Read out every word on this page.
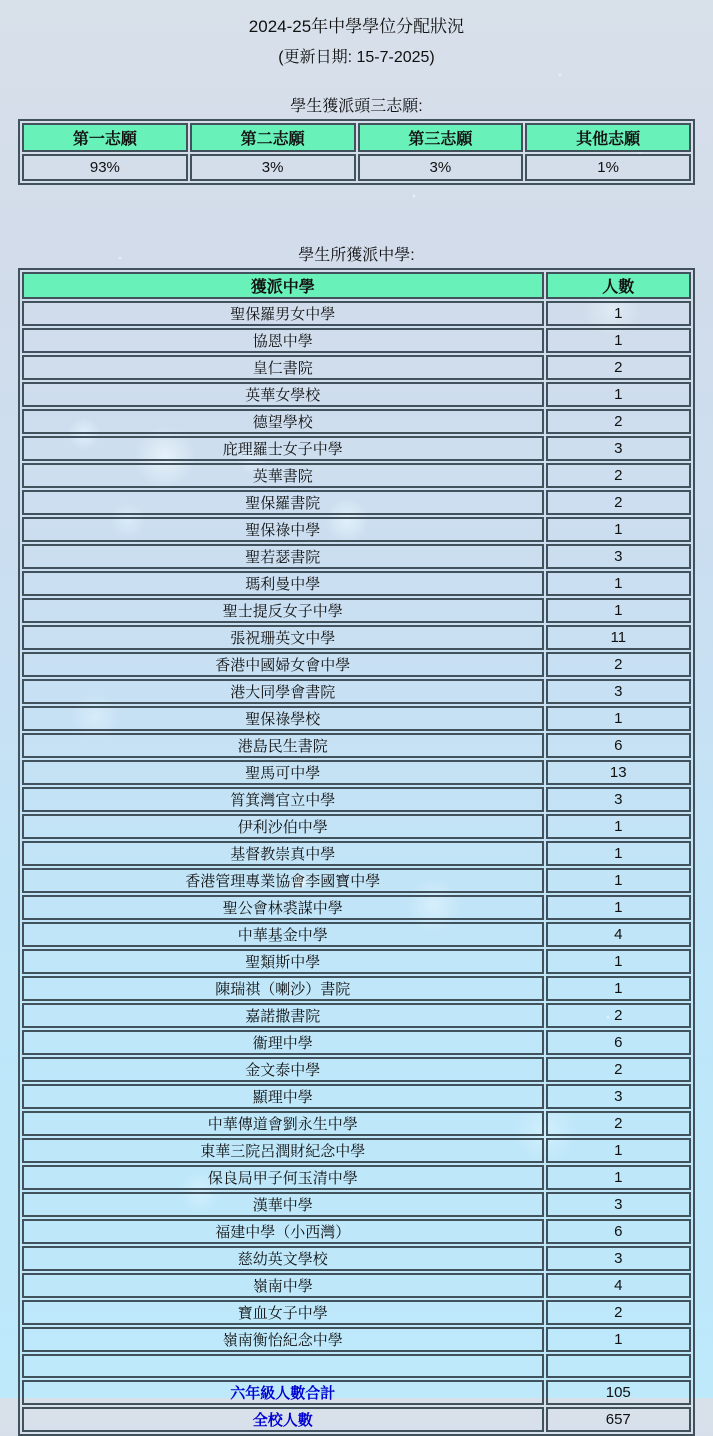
2024-25年中學學位分配狀況
(更新日期: 15-7-2025)
學生獲派頭三志願:
第一志願	第二志願	第三志願	其他志願
93%	3%	3%	1%
學生所獲派中學:
獲派中學	人數
聖保羅男女中學	1
協恩中學	1
皇仁書院	2
英華女學校	1
德望學校	2
庇理羅士女子中學	3
英華書院	2
聖保羅書院	2
聖保祿中學	1
聖若瑟書院	3
瑪利曼中學	1
聖士提反女子中學	1
張祝珊英文中學	11
香港中國婦女會中學	2
港大同學會書院	3
聖保祿學校	1
港島民生書院	6
聖馬可中學	13
筲箕灣官立中學	3
伊利沙伯中學	1
基督教崇真中學	1
香港管理專業協會李國寶中學	1
聖公會林裘謀中學	1
中華基金中學	4
聖類斯中學	1
陳瑞祺（喇沙）書院	1
嘉諾撒書院	2
衞理中學	6
金文泰中學	2
顯理中學	3
中華傳道會劉永生中學	2
東華三院呂潤財紀念中學	1
保良局甲子何玉清中學	1
漢華中學	3
福建中學（小西灣）	6
慈幼英文學校	3
嶺南中學	4
寶血女子中學	2
嶺南衡怡紀念中學	1

六年級人數合計	105
全校人數	657
